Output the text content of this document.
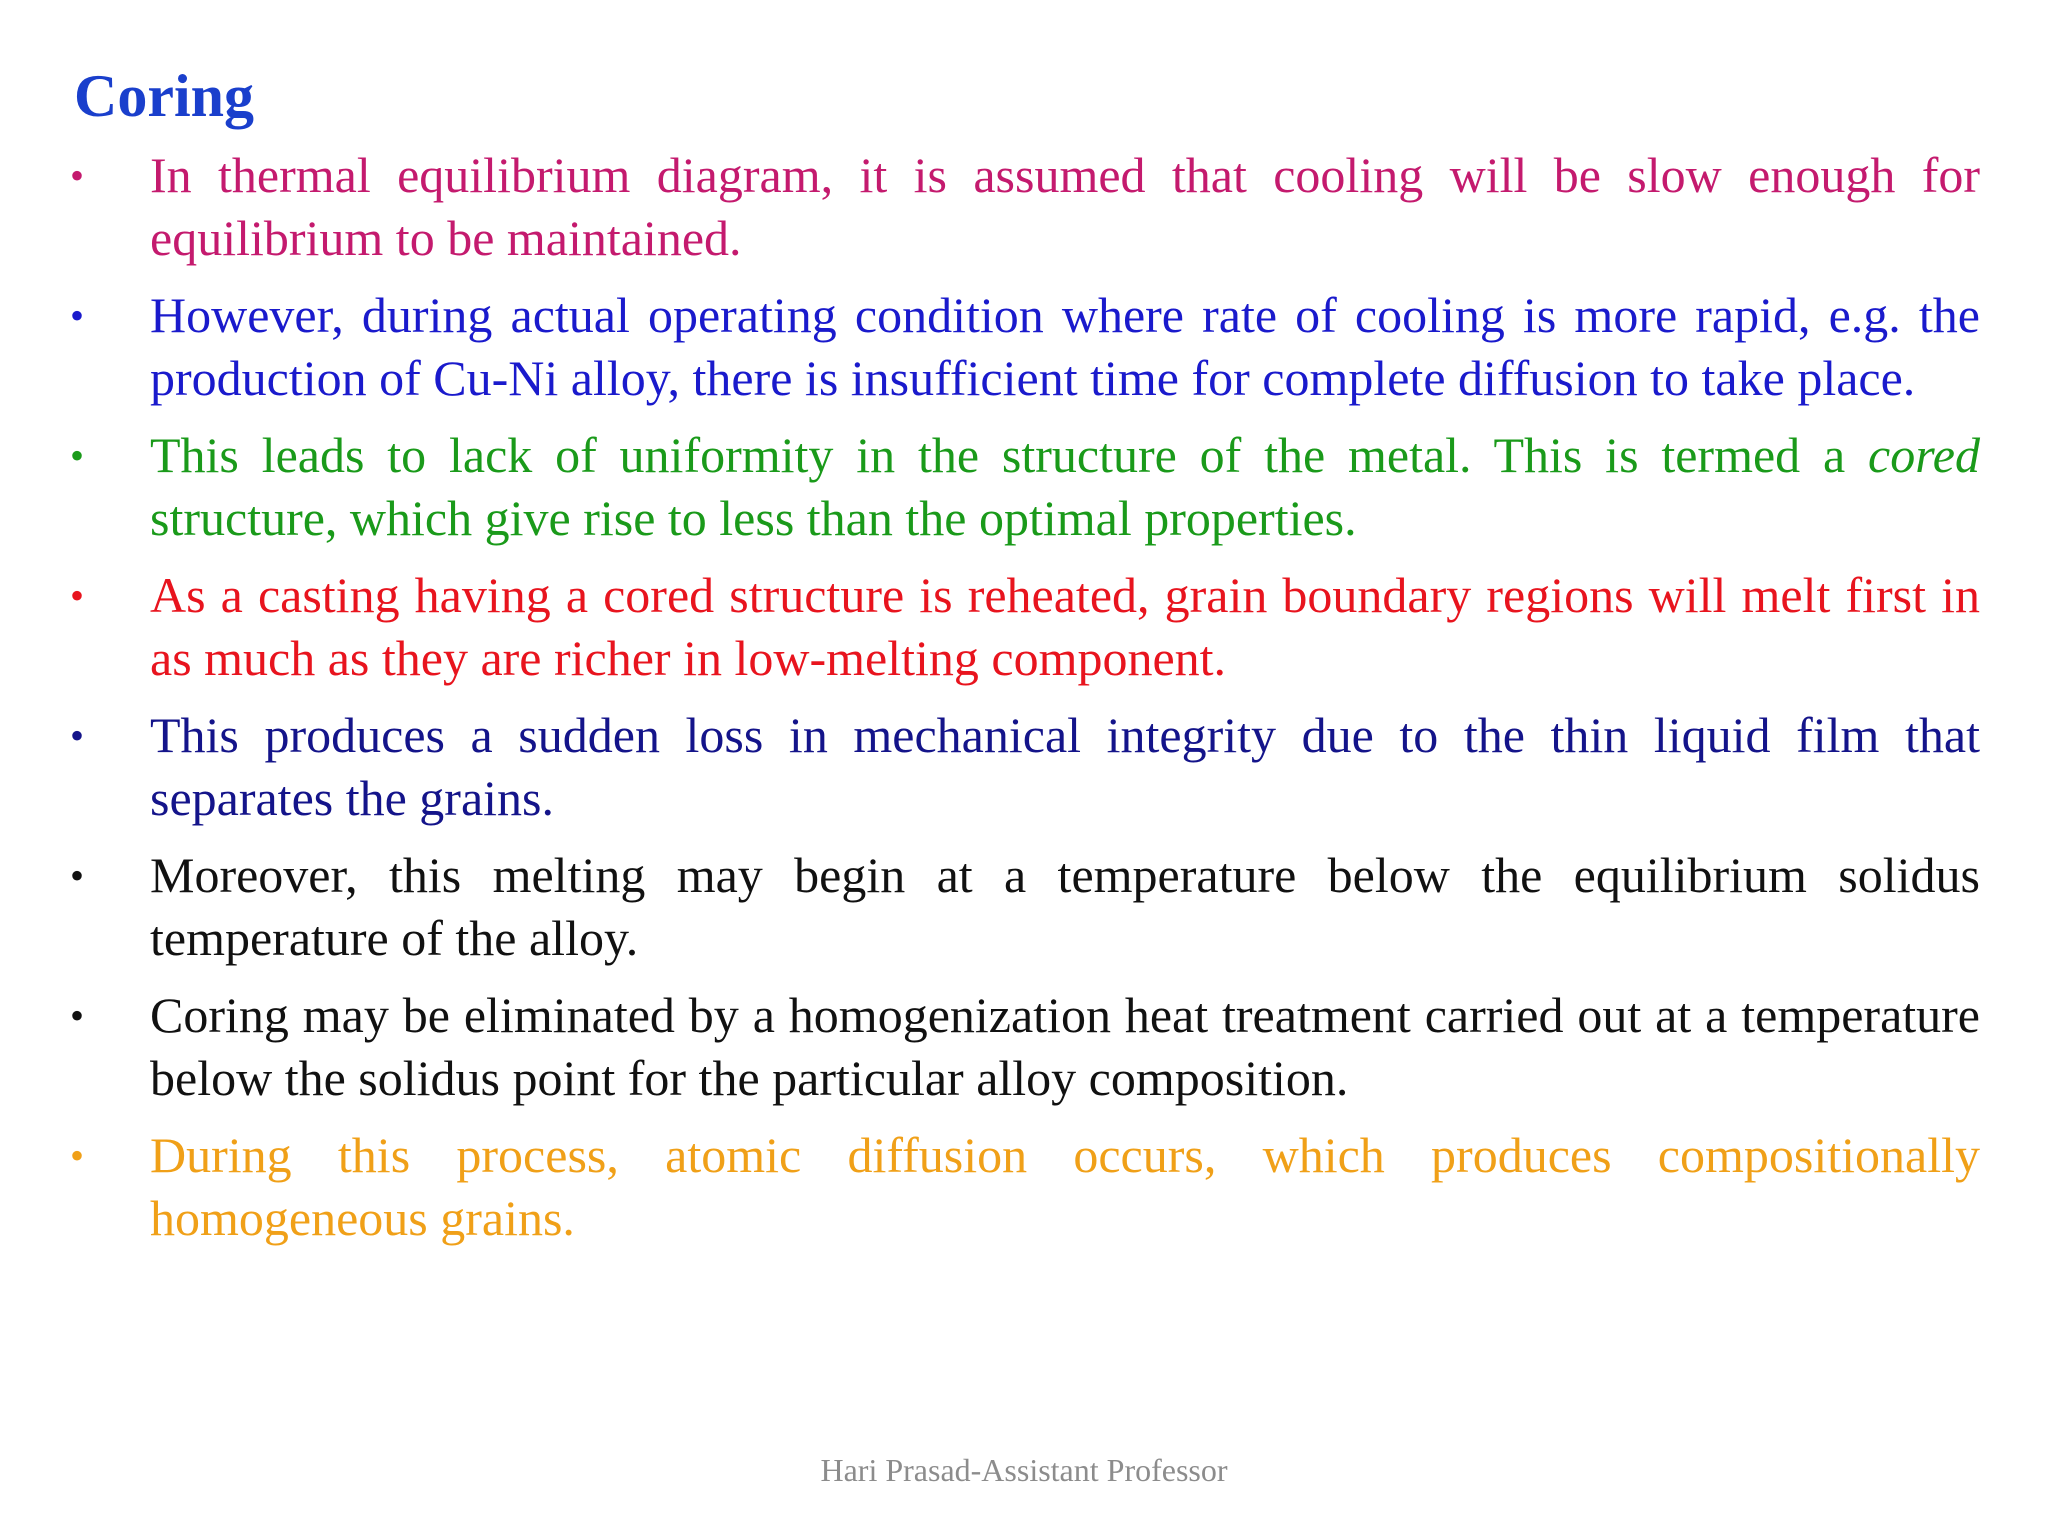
Coring
•	In thermal equilibrium diagram, it is assumed that cooling will be slow enough for equilibrium to be maintained.
•	However, during actual operating condition where rate of cooling is more rapid, e.g. the production of Cu-Ni alloy, there is insufficient time for complete diffusion to take place.
•	This leads to lack of uniformity in the structure of the metal. This is termed a cored structure, which give rise to less than the optimal properties.
•	As a casting having a cored structure is reheated, grain boundary regions will melt first in as much as they are richer in low-melting component.
•	This produces a sudden loss in mechanical integrity due to the thin liquid film that separates the grains.
•	Moreover, this melting may begin at a temperature below the equilibrium solidus temperature of the alloy.
•	Coring may be eliminated by a homogenization heat treatment carried out at a temperature below the solidus point for the particular alloy composition.
•	During this process, atomic diffusion occurs, which produces compositionally homogeneous grains.
Hari Prasad-Assistant Professor
